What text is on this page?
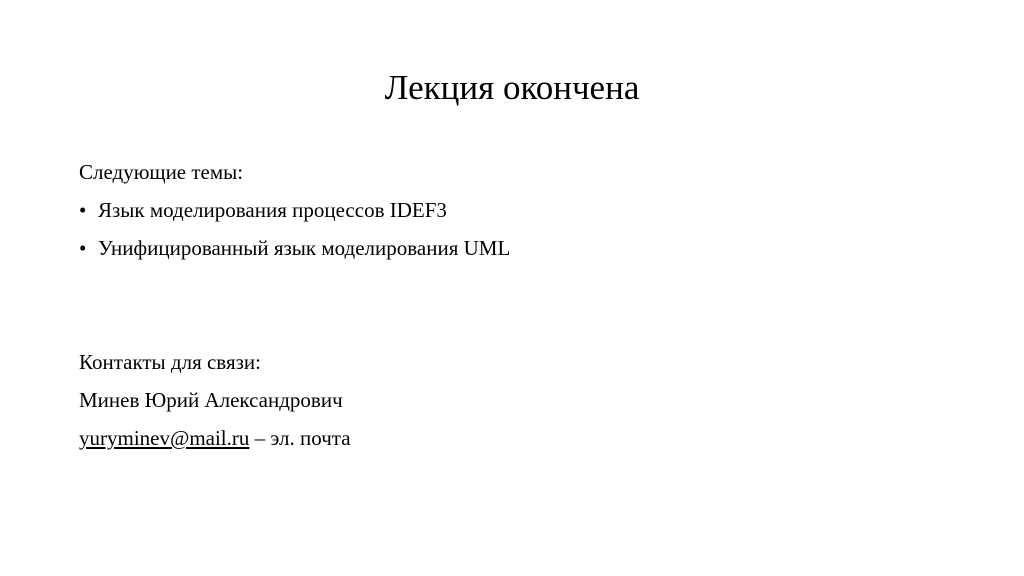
Лекция окончена
Следующие темы:
• Язык моделирования процессов IDEF3
• Унифицированный язык моделирования UML
Контакты для связи:
Минев Юрий Александрович
yuryminev@mail.ru – эл. почта
